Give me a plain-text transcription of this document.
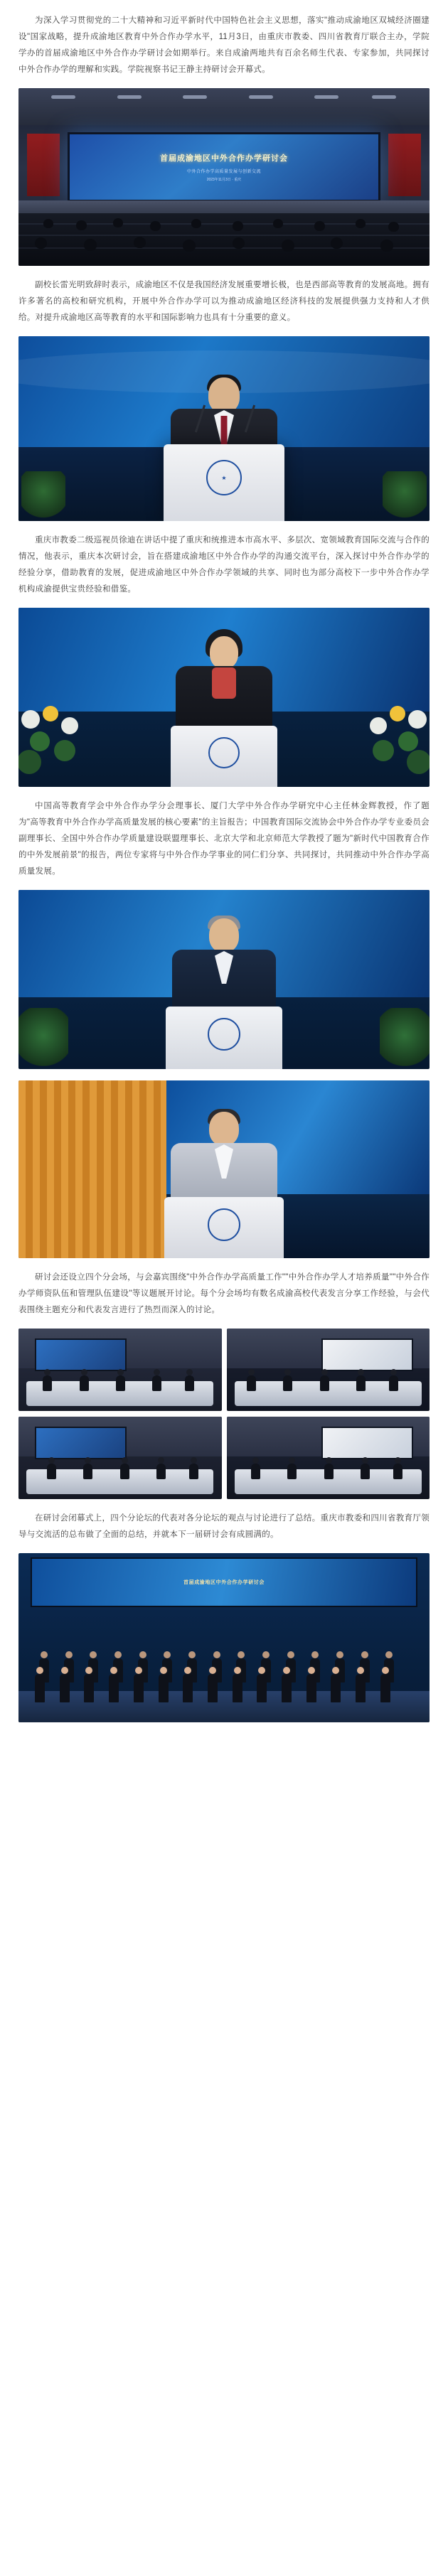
为深入学习贯彻党的二十大精神和习近平新时代中国特色社会主义思想，落实"推动成渝地区双城经济圈建设"国家战略，提升成渝地区教育中外合作办学水平，11月3日，由重庆市教委、四川省教育厅联合主办，学院学办的首届成渝地区中外合作办学研讨会如期举行。来自成渝两地共有百余名师生代表、专家参加，共同探讨中外合作办学的理解和实践。学院视察书记王静主持研讨会开幕式。

首届成渝地区中外合作办学研讨会
中外合作办学高质量发展与创新交流
2023年11月3日 · 重庆

副校长雷光明致辞时表示，成渝地区不仅是我国经济发展重要增长极，也是西部高等教育的发展高地。拥有许多著名的高校和研究机构，开展中外合作办学可以为推动成渝地区经济科技的发展提供强力支持和人才供给。对提升成渝地区高等教育的水平和国际影响力也具有十分重要的意义。

★

重庆市教委二级巡视员徐迪在讲话中提了重庆和统推进本市高水平、多层次、宽领域教育国际交流与合作的情况，他表示，重庆本次研讨会，旨在搭建成渝地区中外合作办学的沟通交流平台，深入探讨中外合作办学的经验分享，借助教育的发展，促进成渝地区中外合作办学领域的共享、同时也为部分高校下一步中外合作办学机构成渝提供宝贵经验和借鉴。

中国高等教育学会中外合作办学分会理事长、厦门大学中外合作办学研究中心主任林金辉教授，作了题为"高等教育中外合作办学高质量发展的核心要素"的主旨报告；中国教育国际交流协会中外合作办学专业委员会副理事长、全国中外合作办学质量建设联盟理事长、北京大学和北京师范大学教授了题为"新时代中国教育合作的中外发展前景"的报告，两位专家将与中外合作办学事业的同仁们分享、共同探讨，共同推动中外合作办学高质量发展。

研讨会还设立四个分会场，与会嘉宾围绕"中外合作办学高质量工作""中外合作办学人才培养质量""中外合作办学师资队伍和管理队伍建设"等议题展开讨论。每个分会场均有数名成渝高校代表发言分享工作经验，与会代表围绕主题充分和代表发言进行了热烈而深入的讨论。

在研讨会闭幕式上，四个分论坛的代表对各分论坛的观点与讨论进行了总结。重庆市教委和四川省教育厅领导与交流活的总布做了全面的总结，并就本下一届研讨会有成圆满的。

首届成渝地区中外合作办学研讨会
